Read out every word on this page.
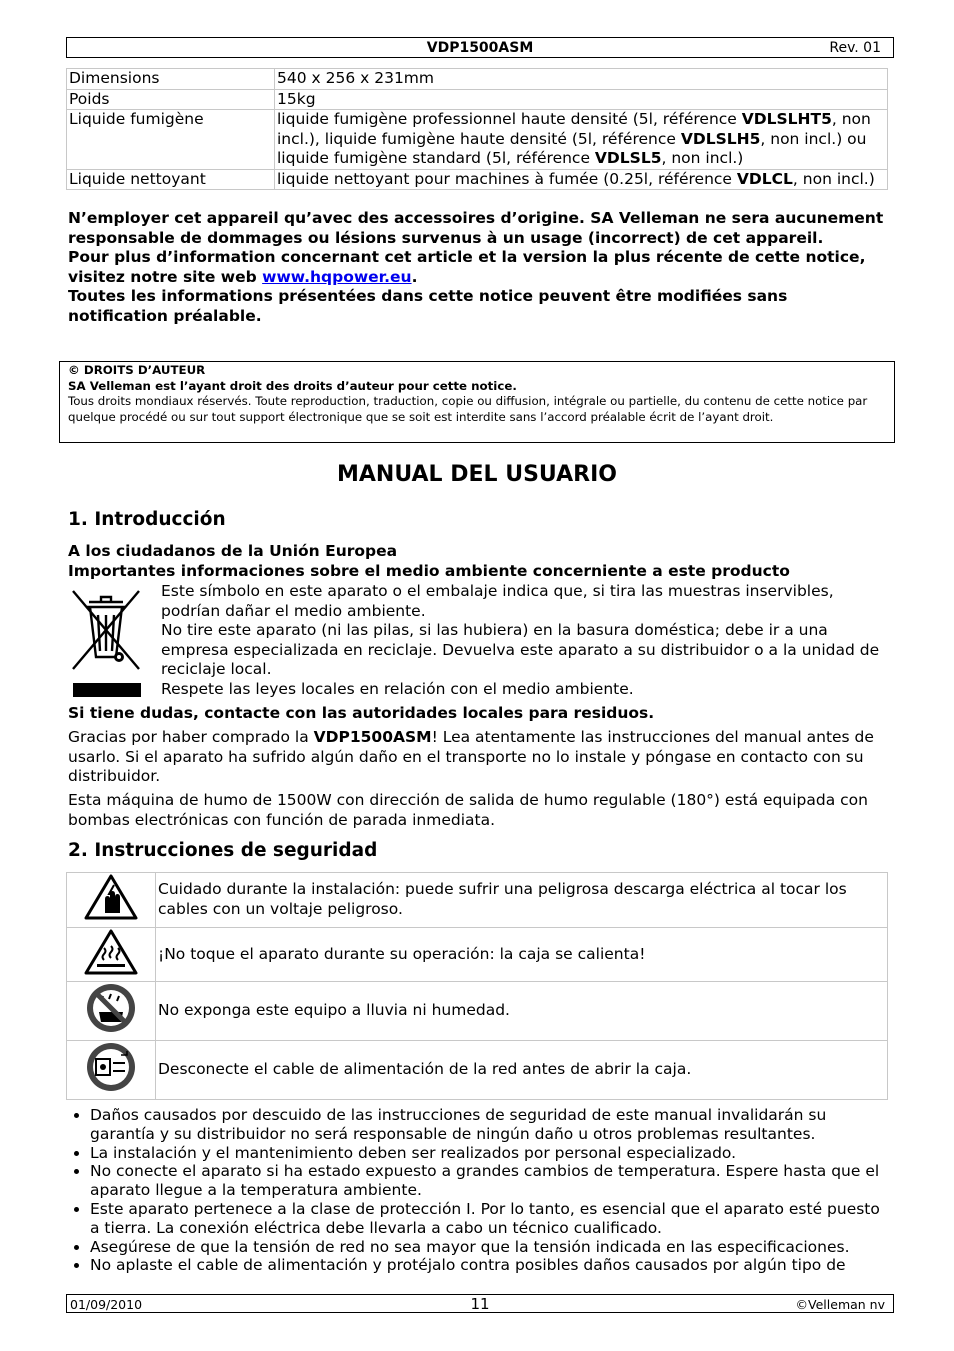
VDP1500ASM	Rev. 01
Dimensions	540 x 256 x 231mm
Poids	15kg
Liquide fumigène	liquide fumigène professionnel haute densité (5l, référence VDLSLHT5, non incl.), liquide fumigène haute densité (5l, référence VDLSLH5, non incl.) ou liquide fumigène standard (5l, référence VDLSL5, non incl.)
Liquide nettoyant	liquide nettoyant pour machines à fumée (0.25l, référence VDLCL, non incl.)
N’employer cet appareil qu’avec des accessoires d’origine. SA Velleman ne sera aucunement responsable de dommages ou lésions survenus à un usage (incorrect) de cet appareil.
Pour plus d’information concernant cet article et la version la plus récente de cette notice, visitez notre site web www.hqpower.eu.
Toutes les informations présentées dans cette notice peuvent être modifiées sans notification préalable.
© DROITS D’AUTEUR
SA Velleman est l’ayant droit des droits d’auteur pour cette notice.
Tous droits mondiaux réservés. Toute reproduction, traduction, copie ou diffusion, intégrale ou partielle, du contenu de cette notice par quelque procédé ou sur tout support électronique que se soit est interdite sans l’accord préalable écrit de l’ayant droit.
MANUAL DEL USUARIO
1. Introducción
A los ciudadanos de la Unión Europea
Importantes informaciones sobre el medio ambiente concerniente a este producto
Este símbolo en este aparato o el embalaje indica que, si tira las muestras inservibles, podrían dañar el medio ambiente.
No tire este aparato (ni las pilas, si las hubiera) en la basura doméstica; debe ir a una empresa especializada en reciclaje. Devuelva este aparato a su distribuidor o a la unidad de reciclaje local.
Respete las leyes locales en relación con el medio ambiente.
Si tiene dudas, contacte con las autoridades locales para residuos.
Gracias por haber comprado la VDP1500ASM! Lea atentamente las instrucciones del manual antes de usarlo. Si el aparato ha sufrido algún daño en el transporte no lo instale y póngase en contacto con su distribuidor.
Esta máquina de humo de 1500W con dirección de salida de humo regulable (180°) está equipada con bombas electrónicas con función de parada inmediata.
2. Instrucciones de seguridad
	Cuidado durante la instalación: puede sufrir una peligrosa descarga eléctrica al tocar los cables con un voltaje peligroso.
	¡No toque el aparato durante su operación: la caja se calienta!
	No exponga este equipo a lluvia ni humedad.
	Desconecte el cable de alimentación de la red antes de abrir la caja.
• Daños causados por descuido de las instrucciones de seguridad de este manual invalidarán su garantía y su distribuidor no será responsable de ningún daño u otros problemas resultantes.
• La instalación y el mantenimiento deben ser realizados por personal especializado.
• No conecte el aparato si ha estado expuesto a grandes cambios de temperatura. Espere hasta que el aparato llegue a la temperatura ambiente.
• Este aparato pertenece a la clase de protección I. Por lo tanto, es esencial que el aparato esté puesto a tierra. La conexión eléctrica debe llevarla a cabo un técnico cualificado.
• Asegúrese de que la tensión de red no sea mayor que la tensión indicada en las especificaciones.
• No aplaste el cable de alimentación y protéjalo contra posibles daños causados por algún tipo de
01/09/2010	11	©Velleman nv
